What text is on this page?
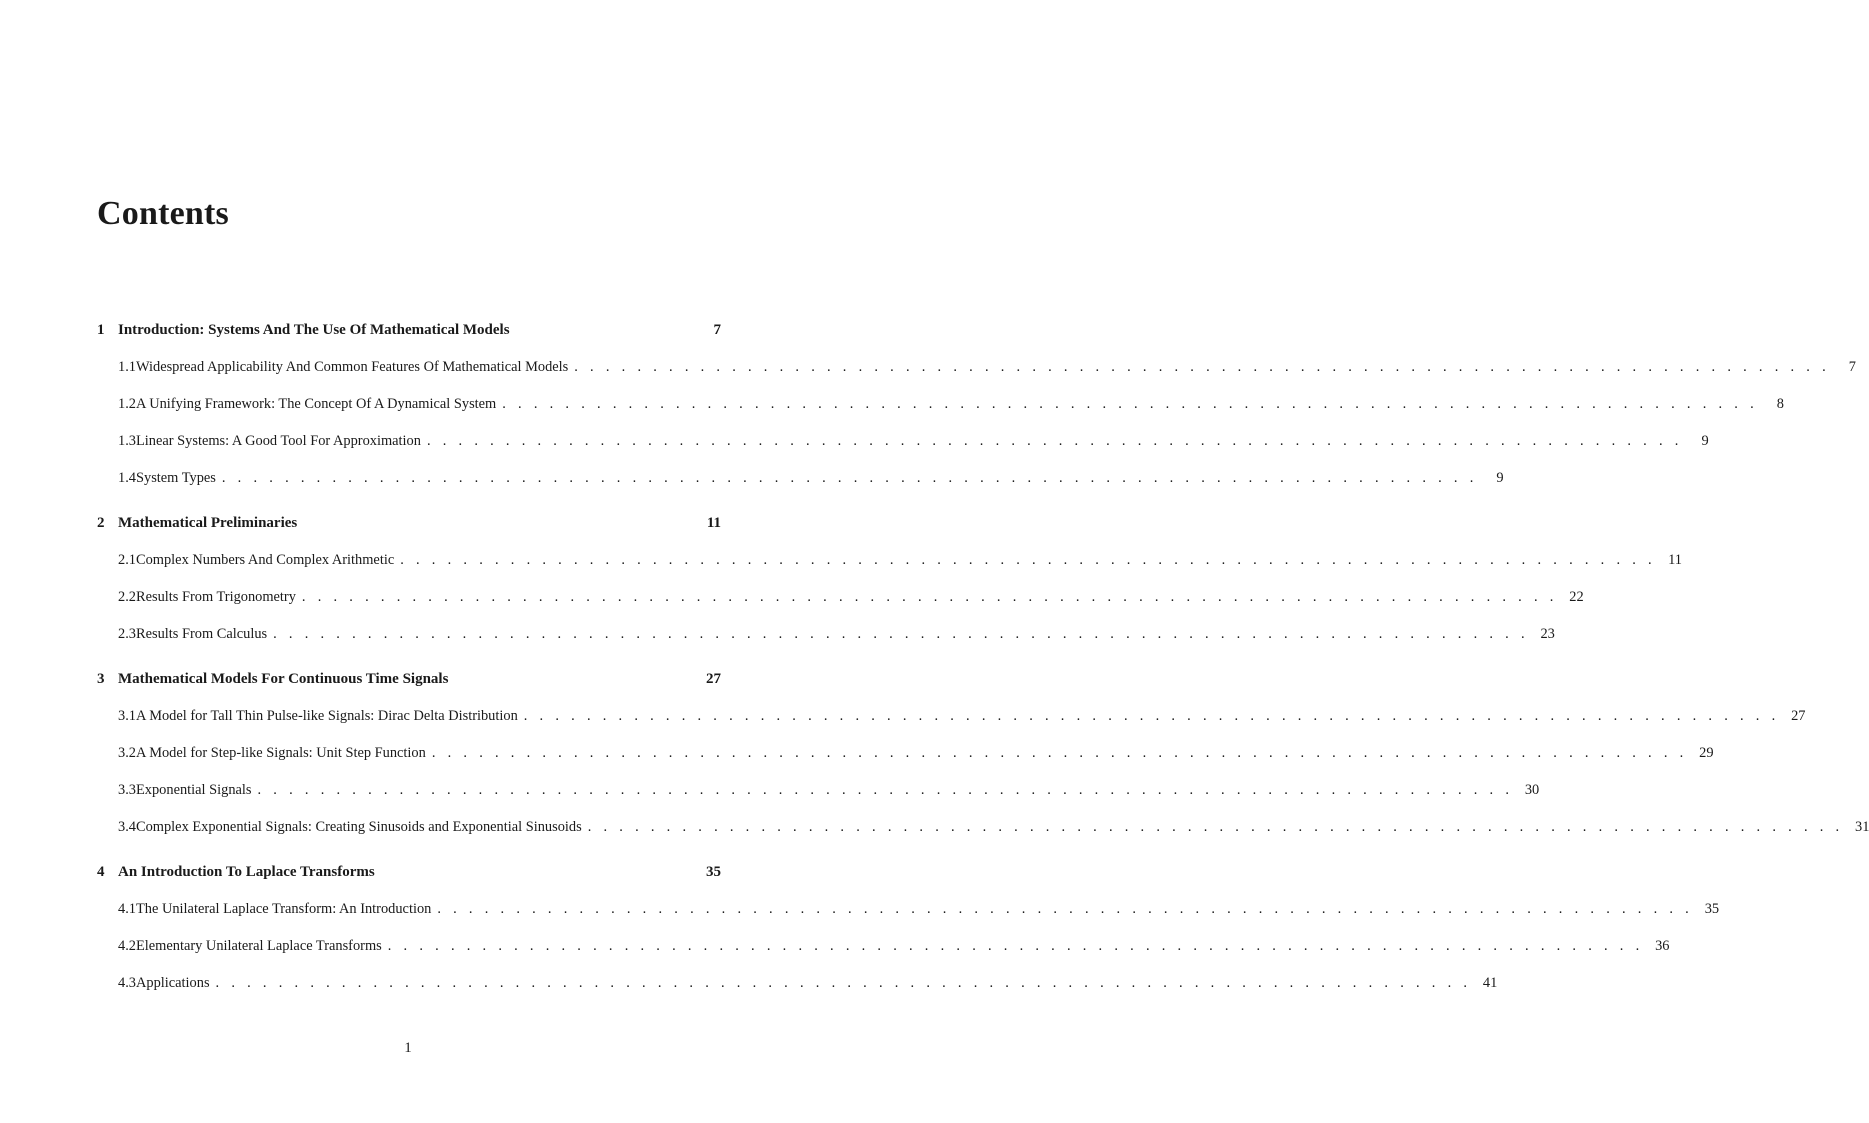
Contents
1 Introduction: Systems And The Use Of Mathematical Models	7
1.1 Widespread Applicability And Common Features Of Mathematical Models . . . . . . . . . . . . . . . . . . . . . . . . . . . . . . . . . . . . . . . . . . . . . . . . . . . . . . . . . . . . . . . . . . . . . . . . . . . . . . . .	7
1.2 A Unifying Framework: The Concept Of A Dynamical System . . . . . . . . . . . . . . . . . . . . . . . . . . . . . . . . . . . . . . . . . . . . . . . . . . . . . . . . . . . . . . . . . . . . . . . . . . . . . . . .	8
1.3 Linear Systems: A Good Tool For Approximation . . . . . . . . . . . . . . . . . . . . . . . . . . . . . . . . . . . . . . . . . . . . . . . . . . . . . . . . . . . . . . . . . . . . . . . . . . . . . . . .	9
1.4 System Types . . . . . . . . . . . . . . . . . . . . . . . . . . . . . . . . . . . . . . . . . . . . . . . . . . . . . . . . . . . . . . . . . . . . . . . . . . . . . . . .	9
2 Mathematical Preliminaries	11
2.1 Complex Numbers And Complex Arithmetic . . . . . . . . . . . . . . . . . . . . . . . . . . . . . . . . . . . . . . . . . . . . . . . . . . . . . . . . . . . . . . . . . . . . . . . . . . . . . . . . 11
2.2 Results From Trigonometry . . . . . . . . . . . . . . . . . . . . . . . . . . . . . . . . . . . . . . . . . . . . . . . . . . . . . . . . . . . . . . . . . . . . . . . . . . . . . . . . 22
2.3 Results From Calculus . . . . . . . . . . . . . . . . . . . . . . . . . . . . . . . . . . . . . . . . . . . . . . . . . . . . . . . . . . . . . . . . . . . . . . . . . . . . . . . . 23
3 Mathematical Models For Continuous Time Signals	27
3.1 A Model for Tall Thin Pulse-like Signals: Dirac Delta Distribution . . . . . . . . . . . . . . . . . . . . . . . . . . . . . . . . . . . . . . . . . . . . . . . . . . . . . . . . . . . . . . . . . . . . . . . . . . . . . . . . 27
3.2 A Model for Step-like Signals: Unit Step Function . . . . . . . . . . . . . . . . . . . . . . . . . . . . . . . . . . . . . . . . . . . . . . . . . . . . . . . . . . . . . . . . . . . . . . . . . . . . . . . . 29
3.3 Exponential Signals . . . . . . . . . . . . . . . . . . . . . . . . . . . . . . . . . . . . . . . . . . . . . . . . . . . . . . . . . . . . . . . . . . . . . . . . . . . . . . . . 30
3.4 Complex Exponential Signals: Creating Sinusoids and Exponential Sinusoids . . . . . . . . . . . . . . . . . . . . . . . . . . . . . . . . . . . . . . . . . . . . . . . . . . . . . . . . . . . . . . . . . . . . . . . . . . . . . . . . 31
4 An Introduction To Laplace Transforms	35
4.1 The Unilateral Laplace Transform: An Introduction . . . . . . . . . . . . . . . . . . . . . . . . . . . . . . . . . . . . . . . . . . . . . . . . . . . . . . . . . . . . . . . . . . . . . . . . . . . . . . . . 35
4.2 Elementary Unilateral Laplace Transforms . . . . . . . . . . . . . . . . . . . . . . . . . . . . . . . . . . . . . . . . . . . . . . . . . . . . . . . . . . . . . . . . . . . . . . . . . . . . . . . . 36
4.3 Applications . . . . . . . . . . . . . . . . . . . . . . . . . . . . . . . . . . . . . . . . . . . . . . . . . . . . . . . . . . . . . . . . . . . . . . . . . . . . . . . . 41
1
